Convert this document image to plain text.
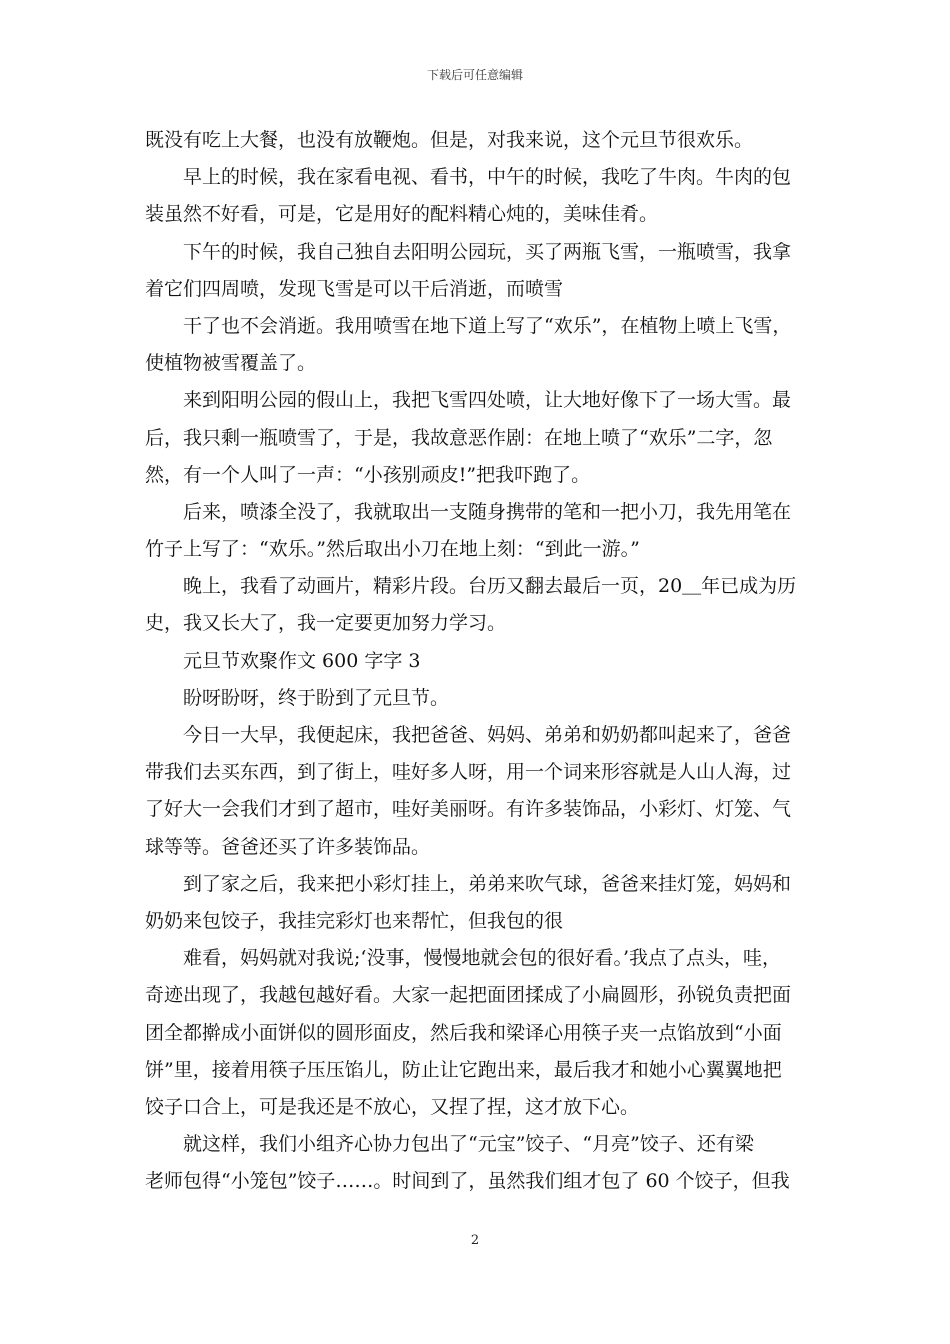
下载后可任意编辑
既没有吃上大餐，也没有放鞭炮。但是，对我来说，这个元旦节很欢乐。
早上的时候，我在家看电视、看书，中午的时候，我吃了牛肉。牛肉的包
装虽然不好看，可是，它是用好的配料精心炖的，美味佳肴。
下午的时候，我自己独自去阳明公园玩，买了两瓶飞雪，一瓶喷雪，我拿
着它们四周喷，发现飞雪是可以干后消逝，而喷雪
干了也不会消逝。我用喷雪在地下道上写了“欢乐”，在植物上喷上飞雪，
使植物被雪覆盖了。
来到阳明公园的假山上，我把飞雪四处喷，让大地好像下了一场大雪。最
后，我只剩一瓶喷雪了，于是，我故意恶作剧：在地上喷了“欢乐”二字，忽
然，有一个人叫了一声：“小孩别顽皮!”把我吓跑了。
后来，喷漆全没了，我就取出一支随身携带的笔和一把小刀，我先用笔在
竹子上写了：“欢乐。”然后取出小刀在地上刻：“到此一游。”
晚上，我看了动画片，精彩片段。台历又翻去最后一页，20＿年已成为历
史，我又长大了，我一定要更加努力学习。
元旦节欢聚作文 600 字字 3
盼呀盼呀，终于盼到了元旦节。
今日一大早，我便起床，我把爸爸、妈妈、弟弟和奶奶都叫起来了，爸爸
带我们去买东西，到了街上，哇好多人呀，用一个词来形容就是人山人海，过
了好大一会我们才到了超市，哇好美丽呀。有许多装饰品，小彩灯、灯笼、气
球等等。爸爸还买了许多装饰品。
到了家之后，我来把小彩灯挂上，弟弟来吹气球，爸爸来挂灯笼，妈妈和
奶奶来包饺子，我挂完彩灯也来帮忙，但我包的很
难看，妈妈就对我说;‘没事，慢慢地就会包的很好看。’我点了点头，哇，
奇迹出现了，我越包越好看。大家一起把面团揉成了小扁圆形，孙锐负责把面
团全都擀成小面饼似的圆形面皮，然后我和梁译心用筷子夹一点馅放到“小面
饼”里，接着用筷子压压馅儿，防止让它跑出来，最后我才和她小心翼翼地把
饺子口合上，可是我还是不放心，又捏了捏，这才放下心。
就这样，我们小组齐心协力包出了“元宝”饺子、“月亮”饺子、还有梁
老师包得“小笼包”饺子……。时间到了，虽然我们组才包了 60 个饺子，但我
2
